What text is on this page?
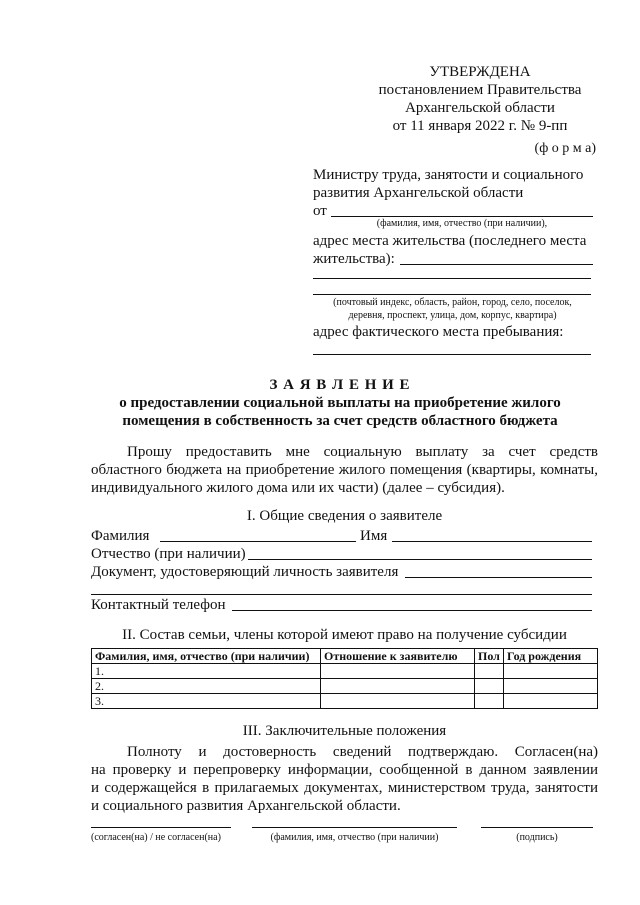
УТВЕРЖДЕНА
постановлением Правительства
Архангельской области
от 11 января 2022 г. № 9-пп
(ф о р м а)
Министру труда, занятости и социального
развития Архангельской области
от
(фамилия, имя, отчество (при наличии),
адрес места жительства (последнего места
жительства):
(почтовый индекс, область, район, город, село, поселок,
деревня, проспект, улица, дом, корпус, квартира)
адрес фактического места пребывания:
З А Я В Л Е Н И Е
о предоставлении социальной выплаты на приобретение жилого
помещения в собственность за счет средств областного бюджета
Прошу предоставить мне социальную выплату за счет средств
областного бюджета на приобретение жилого помещения (квартиры, комнаты,
индивидуального жилого дома или их части) (далее – субсидия).
I. Общие сведения о заявителе
Фамилия	Имя
Отчество (при наличии)
Документ, удостоверяющий личность заявителя
Контактный телефон
II. Состав семьи, члены которой имеют право на получение субсидии
Фамилия, имя, отчество (при наличии)	Отношение к заявителю	Пол	Год рождения
1.			
2.			
3.			
III. Заключительные положения
Полноту и достоверность сведений подтверждаю. Согласен(на)
на проверку и перепроверку информации, сообщенной в данном заявлении
и содержащейся в прилагаемых документах, министерством труда, занятости
и социального развития Архангельской области.
(согласен(на) / не согласен(на)	(фамилия, имя, отчество (при наличии)	(подпись)
